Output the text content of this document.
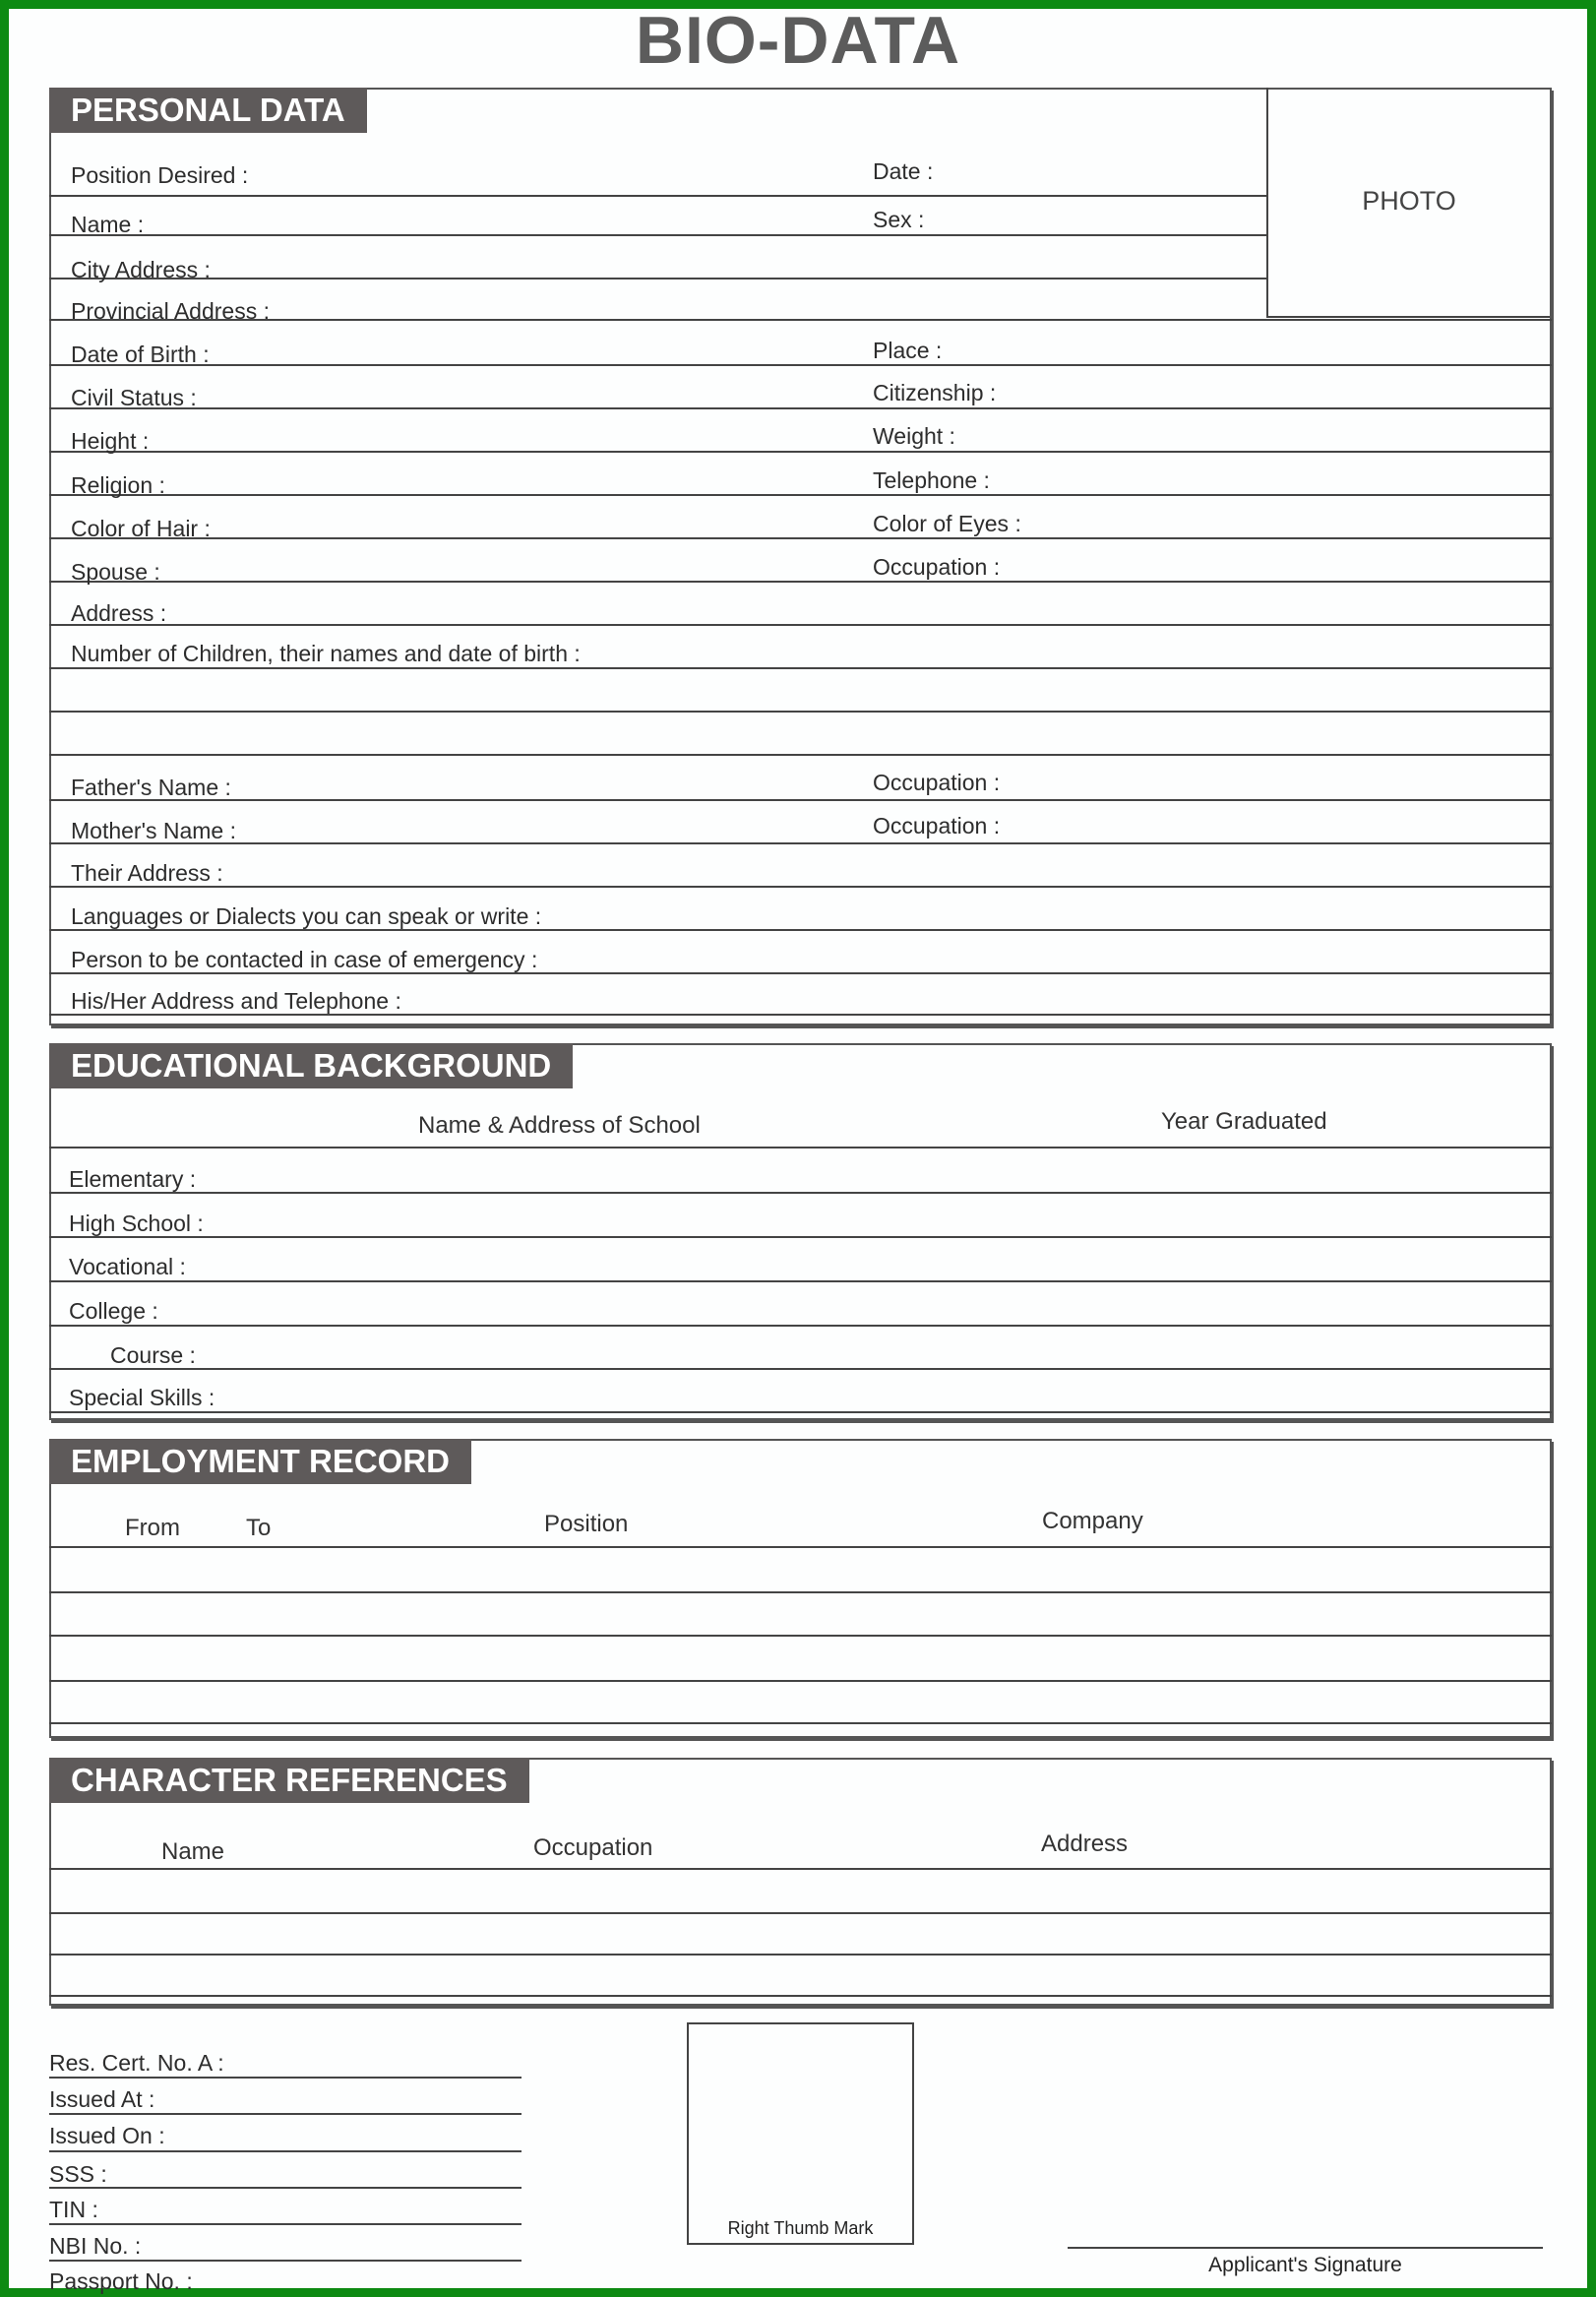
BIO-DATA
PERSONAL DATA
PHOTO
Position Desired :	Date :
Name :	Sex :
City Address :
Provincial Address :
Date of Birth :	Place :
Civil Status :	Citizenship :
Height :	Weight :
Religion :	Telephone :
Color of Hair :	Color of Eyes :
Spouse :	Occupation :
Address :
Number of Children, their names and date of birth :
Father's Name :	Occupation :
Mother's Name :	Occupation :
Their Address :
Languages or Dialects you can speak or write :
Person to be contacted in case of emergency :
His/Her Address and Telephone :
EDUCATIONAL BACKGROUND
Name & Address of School	Year Graduated
Elementary :
High School :
Vocational :
College :
Course :
Special Skills :
EMPLOYMENT RECORD
From	To	Position	Company
CHARACTER REFERENCES
Name	Occupation	Address
Res. Cert. No. A :
Issued At :
Issued On :
SSS :
TIN :
NBI No. :
Passport No. :
Right Thumb Mark
Applicant's Signature
